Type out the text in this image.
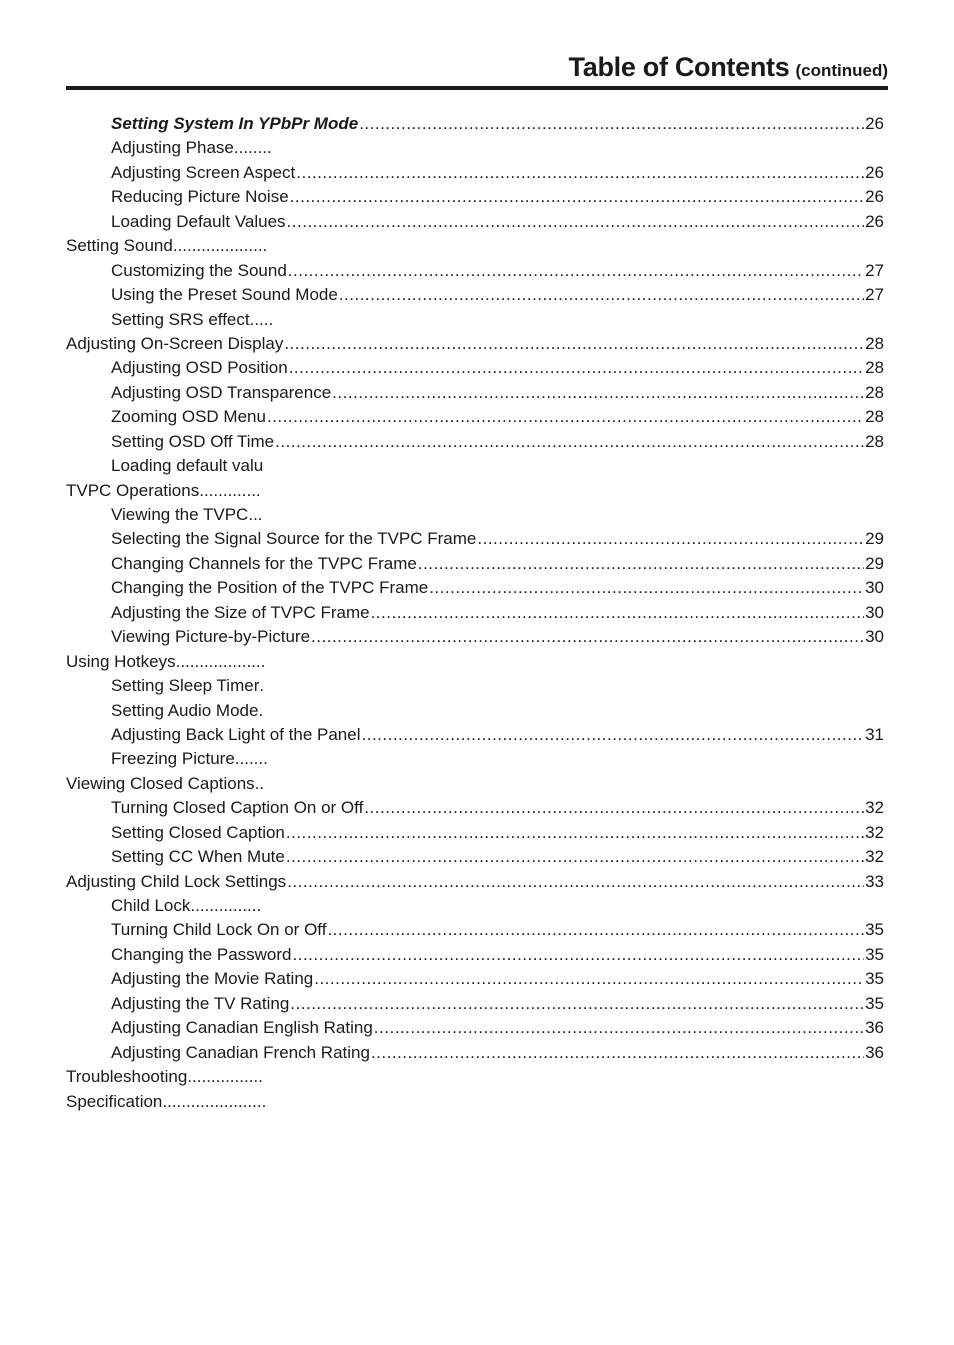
Table of Contents (continued)
Setting System In YPbPr Mode .....	26
Adjusting Phase ........
Adjusting Screen Aspect .....	26
Reducing Picture Noise .....	26
Loading Default Values .....	26
Setting Sound ....................
Customizing the Sound .....	27
Using the Preset Sound Mode .....	27
Setting SRS effect .....
Adjusting On-Screen Display .....	28
Adjusting OSD Position .....	28
Adjusting OSD Transparence .....	28
Zooming OSD Menu .....	28
Setting OSD Off Time .....	28
Loading default valu
TVPC Operations .............
Viewing the TVPC ...
Selecting the Signal Source for the TVPC Frame .....	29
Changing Channels for the TVPC Frame .....	29
Changing the Position of the TVPC Frame .....	30
Adjusting the Size of TVPC Frame .....	30
Viewing Picture-by-Picture .....	30
Using Hotkeys ...................
Setting Sleep Timer .
Setting Audio Mode .
Adjusting Back Light of the Panel .....	31
Freezing Picture .......
Viewing Closed Captions ..
Turning Closed Caption On or Off .....	32
Setting Closed Caption .....	32
Setting CC When Mute .....	32
Adjusting Child Lock Settings .....	33
Child Lock ...............
Turning Child Lock On or Off .....	35
Changing the Password .....	35
Adjusting the Movie Rating .....	35
Adjusting the TV Rating .....	35
Adjusting Canadian English Rating .....	36
Adjusting Canadian French Rating .....	36
Troubleshooting ................
Specification ......................
